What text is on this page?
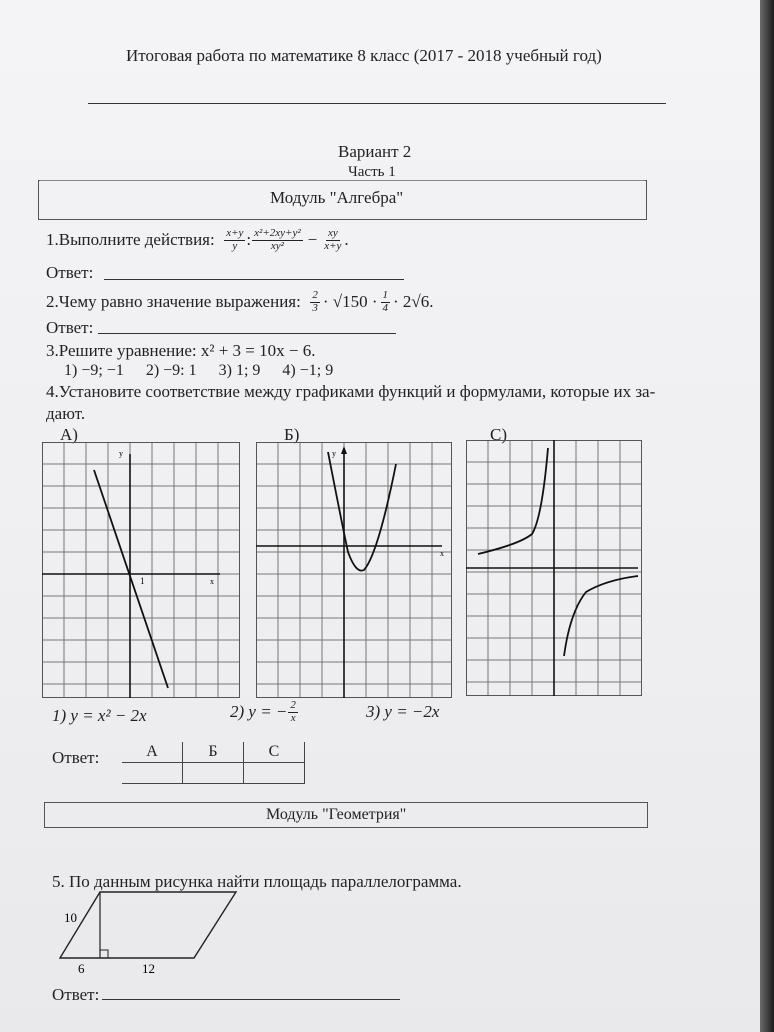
Итоговая работа по математике 8 класс (2017 - 2018 учебный год)
Вариант 2
Часть 1
Модуль "Алгебра"
1.Выполните действия:
$\frac{x+y}{y}$ : $\frac{\text{x²+2xy+y²}}{\text{xy²}} - \frac{xy}{x+y}$ .
Ответ:
2.Чему равно значение выражения:
$\frac{2}{3} \cdot √150 \cdot \frac{1}{4} \cdot 2√6$.
Ответ:
3.Решите уравнение: x² + 3 = 10x − 6.
1) −9; −1 2) −9: 1 3) 1; 9 4) −1; 9
4.Установите соответствие между графиками функций и формулами, которые их за-
дают.
А)	Б)	С)
x
y
1
x
y
1) y = x² − 2x	2) y = − $\frac{2}{x}$	3) y = −2x
Ответ:	А	Б	С

Модуль "Геометрия"
5. По данным рисунка найти площадь параллелограмма.
10
6	12
Ответ:
